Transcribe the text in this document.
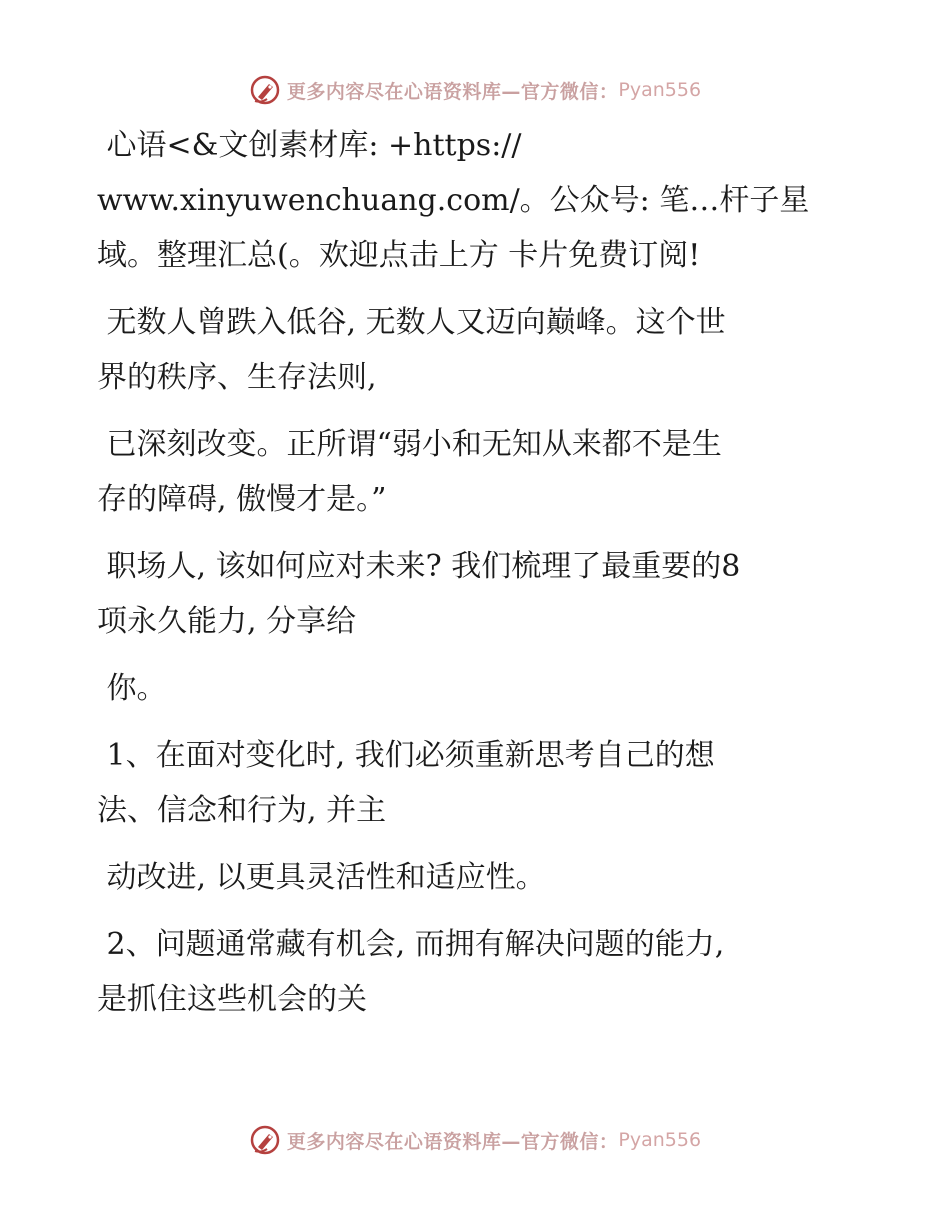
更多内容尽在心语资料库—官方微信： Pyan556

心语<&文创素材库: +https://
www.xinyuwenchuang.com/。公众号: 笔…杆子星
域。整理汇总(。欢迎点击上方 卡片免费订阅!

无数人曾跌入低谷, 无数人又迈向巅峰。这个世
界的秩序、生存法则,

已深刻改变。正所谓“弱小和无知从来都不是生
存的障碍, 傲慢才是。”

职场人, 该如何应对未来? 我们梳理了最重要的8
项永久能力, 分享给

你。

1、在面对变化时, 我们必须重新思考自己的想
法、信念和行为, 并主

动改进, 以更具灵活性和适应性。

2、问题通常藏有机会, 而拥有解决问题的能力,
是抓住这些机会的关

更多内容尽在心语资料库—官方微信： Pyan556
